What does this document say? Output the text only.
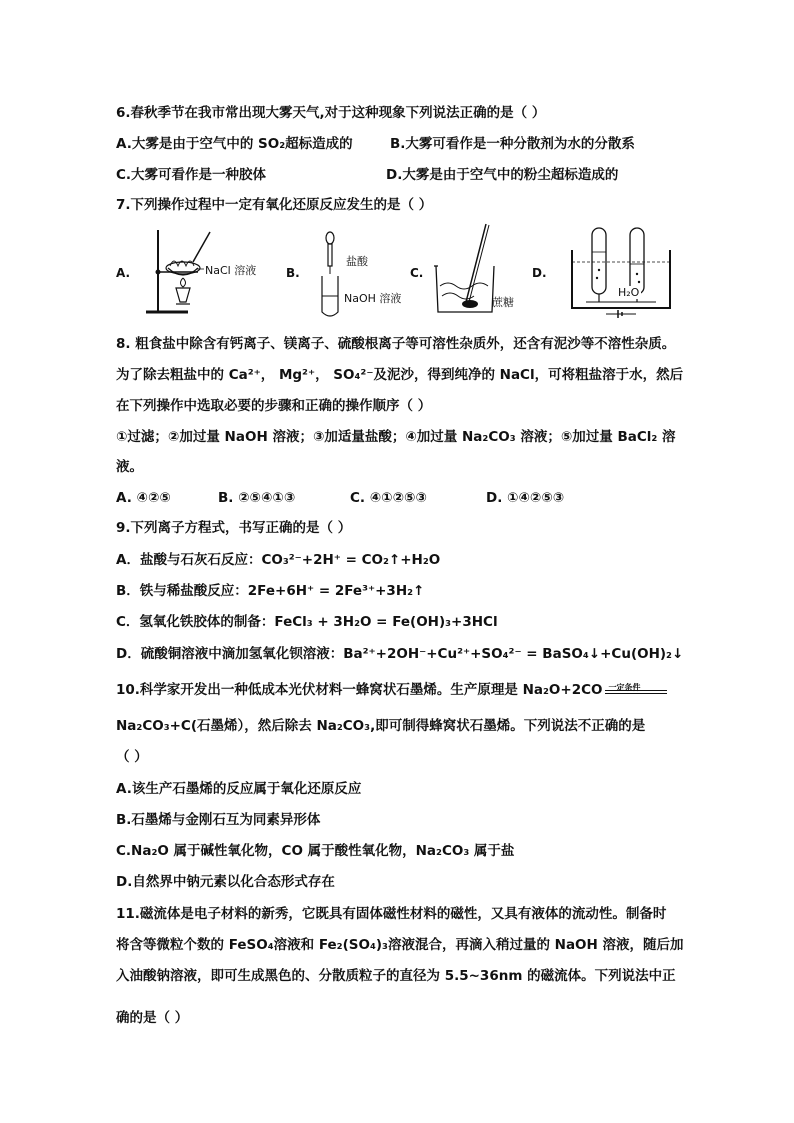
6.春秋季节在我市常出现大雾天气,对于这种现象下列说法正确的是（ ）
A.大雾是由于空气中的 SO₂超标造成的	B.大雾可看作是一种分散剂为水的分散系
C.大雾可看作是一种胶体	D.大雾是由于空气中的粉尘超标造成的
7.下列操作过程中一定有氧化还原反应发生的是（ ）
A.	NaCl 溶液 B.
盐酸
NaOH 溶液
C.
蔗糖
D.
H₂O
8. 粗食盐中除含有钙离子、镁离子、硫酸根离子等可溶性杂质外，还含有泥沙等不溶性杂质。
为了除去粗盐中的 Ca²⁺， Mg²⁺， SO₄²⁻及泥沙，得到纯净的 NaCl，可将粗盐溶于水，然后
在下列操作中选取必要的步骤和正确的操作顺序（ ）
①过滤；②加过量 NaOH 溶液；③加适量盐酸；④加过量 Na₂CO₃ 溶液；⑤加过量 BaCl₂ 溶
液。
A. ④②⑤	B. ②⑤④①③	C. ④①②⑤③	D. ①④②⑤③
9.下列离子方程式，书写正确的是（ ）
A．盐酸与石灰石反应：CO₃²⁻+2H⁺ = CO₂↑+H₂O
B．铁与稀盐酸反应：2Fe+6H⁺ = 2Fe³⁺+3H₂↑
C．氢氧化铁胶体的制备：FeCl₃ + 3H₂O = Fe(OH)₃+3HCl
D．硫酸铜溶液中滴加氢氧化钡溶液：Ba²⁺+2OH⁻+Cu²⁺+SO₄²⁻ = BaSO₄↓+Cu(OH)₂↓
10.科学家开发出一种低成本光伏材料一蜂窝状石墨烯。生产原理是 Na₂O+2CO 一定条件
Na₂CO₃+C(石墨烯），然后除去 Na₂CO₃,即可制得蜂窝状石墨烯。下列说法不正确的是
（ ）
A.该生产石墨烯的反应属于氧化还原反应
B.石墨烯与金刚石互为同素异形体
C.Na₂O 属于碱性氧化物，CO 属于酸性氧化物，Na₂CO₃ 属于盐
D.自然界中钠元素以化合态形式存在
11.磁流体是电子材料的新秀，它既具有固体磁性材料的磁性，又具有液体的流动性。制备时
将含等微粒个数的 FeSO₄溶液和 Fe₂(SO₄)₃溶液混合，再滴入稍过量的 NaOH 溶液，随后加
入油酸钠溶液，即可生成黑色的、分散质粒子的直径为 5.5~36nm 的磁流体。下列说法中正
确的是（ ）
